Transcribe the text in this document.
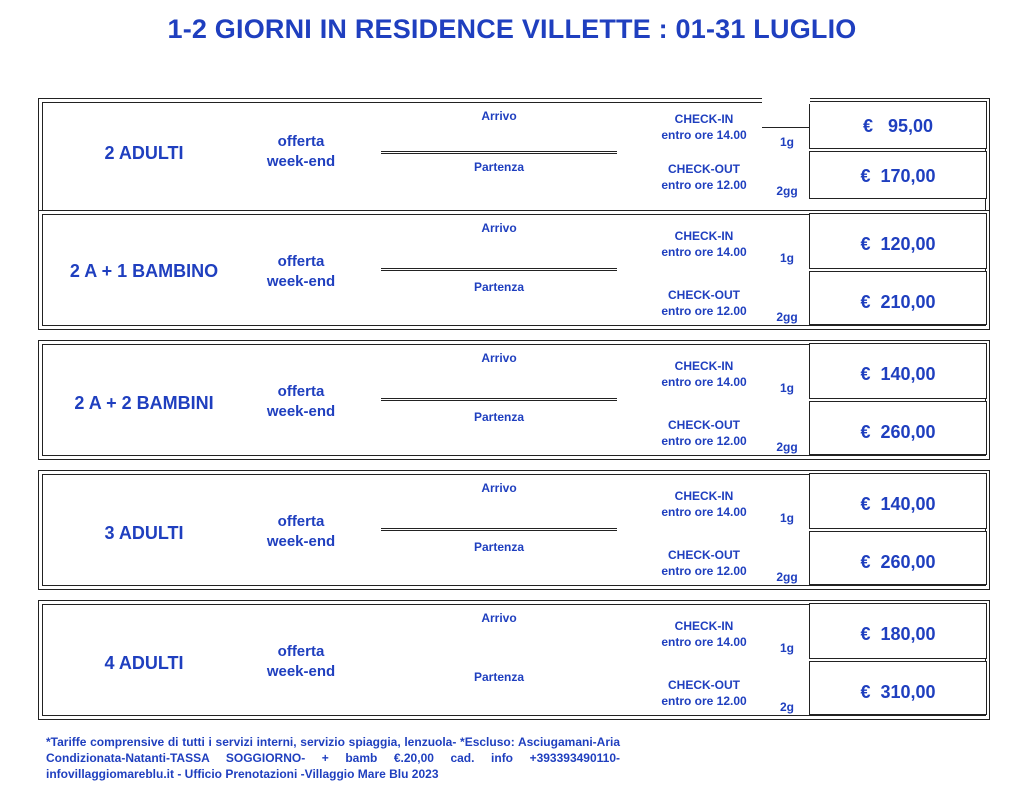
1-2 GIORNI IN RESIDENCE VILLETTE : 01-31 LUGLIO
2 ADULTI
offerta
week-end
Arrivo
Partenza
CHECK-IN
entro ore 14.00
CHECK-OUT
entro ore 12.00
1g
2gg
€   95,00
€  170,00
2 A + 1 BAMBINO	offerta
week-end
Arrivo
Partenza
CHECK-IN
entro ore 14.00
CHECK-OUT
entro ore 12.00
1g
2gg
€  120,00
€  210,00
2 A + 2 BAMBINI
offerta
week-end
Arrivo
Partenza
CHECK-IN
entro ore 14.00
CHECK-OUT
entro ore 12.00
1g
2gg
€  140,00
€  260,00
3 ADULTI
offerta
week-end
Arrivo
Partenza
CHECK-IN
entro ore 14.00
CHECK-OUT
entro ore 12.00
1g
2gg
€  140,00
€  260,00
4 ADULTI
offerta
week-end
Arrivo
Partenza
CHECK-IN
entro ore 14.00
CHECK-OUT
entro ore 12.00
1g
2g
€  180,00
€  310,00
*Tariffe comprensive di tutti i servizi interni, servizio spiaggia, lenzuola- *Escluso: Asciugamani-Aria Condizionata-Natanti-TASSA SOGGIORNO- + bamb €.20,00 cad. info +393393490110-infovillaggiomareblu.it - Ufficio Prenotazioni -Villaggio Mare Blu 2023
